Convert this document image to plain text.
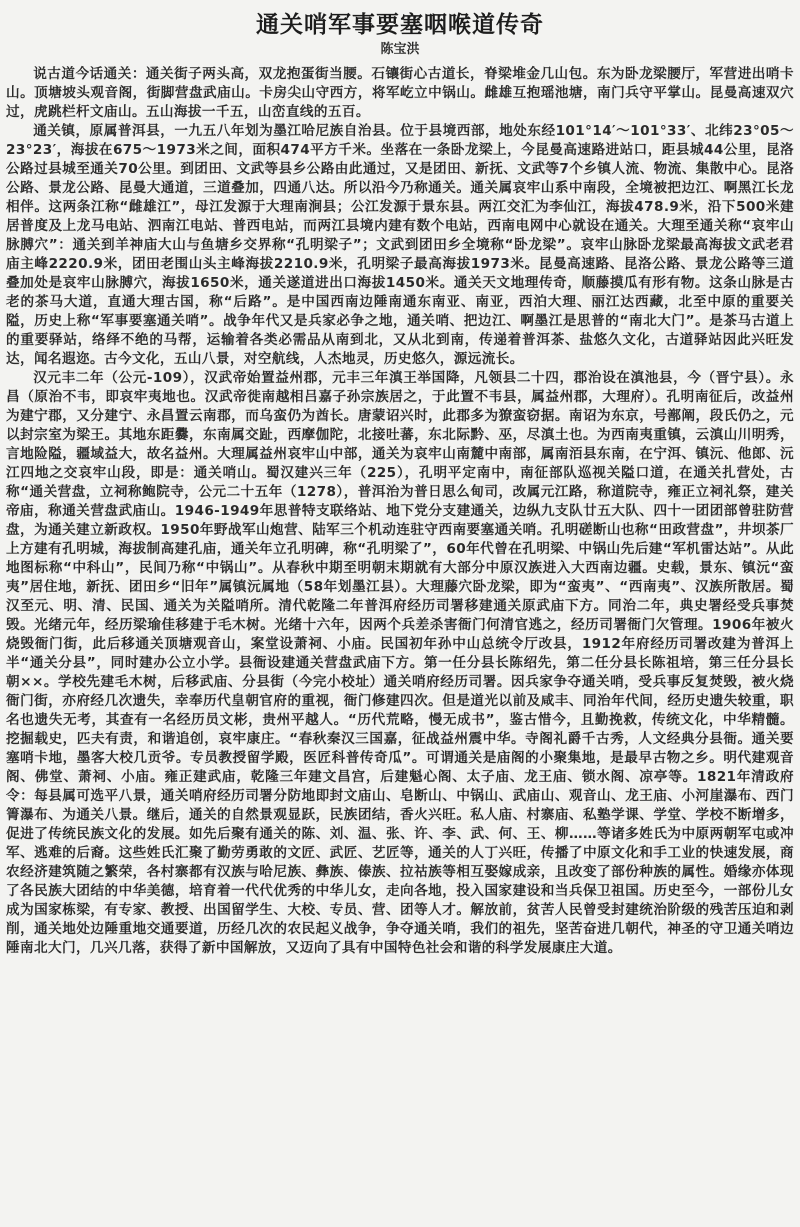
通关哨军事要塞咽喉道传奇
陈宝洪

说古道今话通关：通关街子两头高，双龙抱蛋街当腰。石镶街心古道长，脊梁堆金几山包。东为卧龙梁腰厅，军营进出哨卡山。顶塘坡头观音阁，街脚营盘武庙山。卡房尖山守西方，将军屹立中锅山。雌雄互抱瑶池塘，南门兵守平掌山。昆曼高速双穴过，虎跳栏杆文庙山。五山海拔一千五，山峦直线的五百。

通关镇，原属普洱县，一九五八年划为墨江哈尼族自治县。位于县境西部，地处东经101°14′～101°33′、北纬23°05～23°23′，海拔在675～1973米之间，面积474平方千米。坐落在一条卧龙梁上，今昆曼高速路进站口，距县城44公里，昆洛公路过县城至通关70公里。到团田、文武等县乡公路由此通过，又是团田、新抚、文武等7个乡镇人流、物流、集散中心。昆洛公路、景龙公路、昆曼大通道，三道叠加，四通八达。所以沿今乃称通关。通关属哀牢山系中南段，全境被把边江、啊黑江长龙相伴。这两条江称“雌雄江”，母江发源于大理南涧县；公江发源于景东县。两江交汇为李仙江，海拔478.9米，沿下500米建居普度及上龙马电站、泗南江电站、普西电站，而两江县境内建有数个电站，西南电网中心就设在通关。大理至通关称“哀牢山脉膊穴”：通关到羊神庙大山与鱼塘乡交界称“孔明梁子”；文武到团田乡全境称“卧龙梁”。哀牢山脉卧龙梁最高海拔文武老君庙主峰2220.9米，团田老围山头主峰海拔2210.9米，孔明梁子最高海拔1973米。昆曼高速路、昆洛公路、景龙公路等三道叠加处是哀牢山脉膊穴，海拔1650米，通关遂道进出口海拔1450米。通关天文地理传奇，顺藤摸瓜有形有物。这条山脉是古老的茶马大道，直通大理古国，称“后路”。是中国西南边陲南通东南亚、南亚，西泊大理、丽江达西藏，北至中原的重要关隘，历史上称“军事要塞通关哨”。战争年代又是兵家必争之地，通关哨、把边江、啊墨江是思普的“南北大门”。是茶马古道上的重要驿站，络绎不绝的马帮，运输着各类必需品从南到北，又从北到南，传递着普洱茶、盐悠久文化，古道驿站因此兴旺发达，闻名遐迩。古今文化，五山八景，对空航线，人杰地灵，历史悠久，源远流长。

汉元丰二年（公元-109），汉武帝始置益州郡，元丰三年滇王举国降，凡领县二十四，郡治设在滇池县，今（晋宁县）。永昌（原治不韦，即哀牢夷地也。汉武帝徙南越相吕嘉子孙宗族居之，于此置不韦县，属益州郡，大理府）。孔明南征后，改益州为建宁郡，又分建宁、永昌置云南郡，而乌蛮仍为酋长。唐蒙诏兴时，此郡多为獠蛮窃据。南诏为东京，号鄯阐，段氏仍之，元以封宗室为梁王。其地东距爨，东南属交趾，西摩伽陀，北接吐蕃，东北际黔、巫，尽滇土也。为西南夷重镇，云滇山川明秀，言地险隘，疆域益大，故名益州。大理属益州哀牢山中部，通关为哀牢山南麓中南部，属南洦县东南，在宁洱、镇沅、他郎、沅江四地之交哀牢山段，即是：通关哨山。蜀汉建兴三年（225），孔明平定南中，南征部队巡视关隘口道，在通关扎营处，古称“通关营盘，立祠称鲍院寺，公元二十五年（1278），普洱治为普日思么甸司，改属元江路，称道院寺，雍正立祠礼祭，建关帝庙，称通关营盘武庙山。1946-1949年思普特支联络站、地下党分支建通关，边纵九支队廿五大队、四十一团团部曾驻防营盘，为通关建立新政权。1950年野战军山炮营、陆军三个机动连驻守西南要塞通关哨。孔明磋断山也称“田政营盘”，井坝茶厂上方建有孔明城，海拔制高建孔庙，通关年立孔明碑，称“孔明梁了”，60年代曾在孔明梁、中锅山先后建“军机雷达站”。从此地图标称“中科山”，民间乃称“中锅山”。从春秋中期至明朝末期就有大部分中原汉族进入大西南边疆。史载，景东、镇沅“蛮夷”居住地，新抚、团田乡“旧年”属镇沅属地（58年划墨江县）。大理藤穴卧龙梁，即为“蛮夷”、“西南夷”、汉族所散居。蜀汉至元、明、清、民国、通关为关隘哨所。清代乾隆二年普洱府经历司署移建通关原武庙下方。同治二年，典史署经受兵事焚毁。光绪元年，经历梁瑜佳移建于毛木树。光绪十六年，因两个兵差杀害衙门何清官逃之，经历司署衙门欠管理。1906年被火烧毁衙门街，此后移通关顶塘观音山，案堂设萧祠、小庙。民国初年孙中山总统令厅改县，1912年府经历司署改建为普洱上半“通关分县”，同时建办公立小学。县衙设建通关营盘武庙下方。第一任分县长陈绍先，第二任分县长陈祖培，第三任分县长朝××。学校先建毛木树，后移武庙、分县街（今完小校址）通关哨府经历司署。因兵家争夺通关哨，受兵事反复焚毁，被火烧衙门街，亦府经几次遗失，幸奉历代皇朝官府的重视，衙门修建四次。但是道光以前及咸丰、同治年代间，经历史遗失较重，职名也遗失无考，其查有一名经历员文彬，贵州平越人。“历代荒略，慢无成书”，鉴古惜今，且勤挽救，传统文化，中华精髓。挖掘载史，匹夫有责，和谐追创，哀牢康庄。“春秋秦汉三国嘉，征战益州震中华。寺阁礼爵千古秀，人文经典分县衙。通关要塞哨卡地，墨客大校几贡爷。专员教授留学殿，医匠科普传奇瓜”。可谓通关是庙阁的小聚集地，是最早古物之乡。明代建观音阁、佛堂、萧祠、小庙。雍正建武庙，乾隆三年建文昌宫，后建魁心阁、太子庙、龙王庙、锁水阁、凉亭等。1821年清政府令：每县属可选平八景，通关哨府经历司署分防地即封文庙山、皂断山、中锅山、武庙山、观音山、龙王庙、小河崖瀑布、西门箐瀑布、为通关八景。继后，通关的自然景观显跃，民族团结，香火兴旺。私人庙、村寨庙、私塾学课、学堂、学校不断增多，促进了传统民族文化的发展。如先后聚有通关的陈、刘、温、张、许、李、武、何、王、柳……等诸多姓氏为中原两朝军屯或冲军、逃难的后裔。这些姓氏汇聚了勤劳勇敢的文匠、武匠、艺匠等，通关的人丁兴旺，传播了中原文化和手工业的快速发展，商农经济建筑随之繁荣，各村寨都有汉族与哈尼族、彝族、傣族、拉祜族等相互娶嫁成亲，且改变了部份种族的属性。婚缘亦体现了各民族大团结的中华美德，培育着一代代优秀的中华儿女，走向各地，投入国家建设和当兵保卫祖国。历史至今，一部份儿女成为国家栋梁，有专家、教授、出国留学生、大校、专员、营、团等人才。解放前，贫苦人民曾受封建统治阶级的残苦压迫和剥削，通关地处边陲重地交通要道，历经几次的农民起义战争，争夺通关哨，我们的祖先，坚苦奋进几朝代，神圣的守卫通关哨边陲南北大门，几兴几落，获得了新中国解放，又迈向了具有中国特色社会和谐的科学发展康庄大道。
